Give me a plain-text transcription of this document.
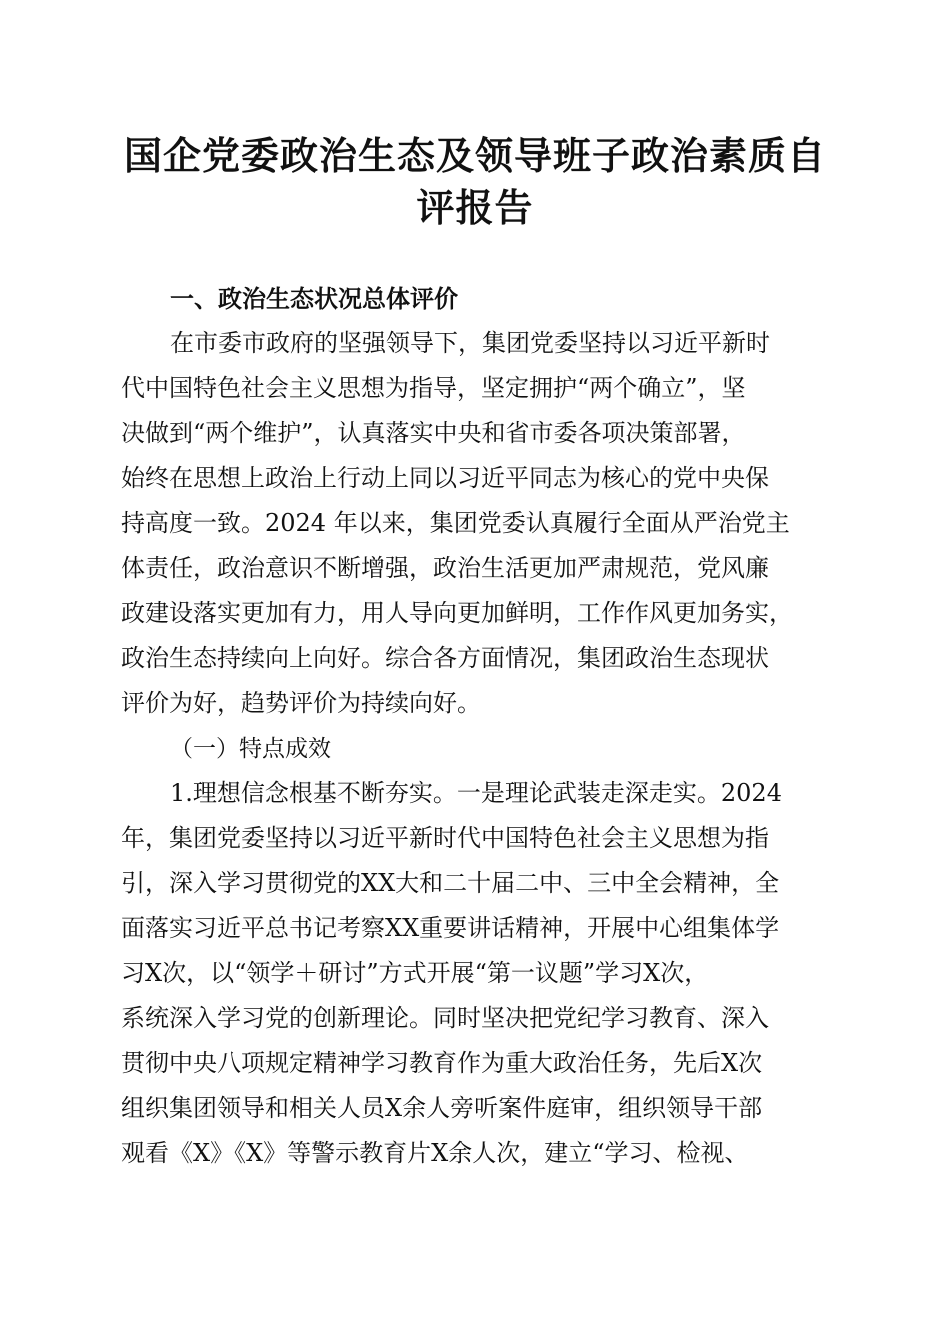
国企党委政治生态及领导班子政治素质自评报告

一、政治生态状况总体评价

在市委市政府的坚强领导下，集团党委坚持以习近平新时

代中国特色社会主义思想为指导，坚定拥护“两个确立”，坚

决做到“两个维护”，认真落实中央和省市委各项决策部署，

始终在思想上政治上行动上同以习近平同志为核心的党中央保

持高度一致。2024 年以来，集团党委认真履行全面从严治党主

体责任，政治意识不断增强，政治生活更加严肃规范，党风廉

政建设落实更加有力，用人导向更加鲜明，工作作风更加务实，

政治生态持续向上向好。综合各方面情况，集团政治生态现状

评价为好，趋势评价为持续向好。

（一）特点成效

1.理想信念根基不断夯实。一是理论武装走深走实。2024

年，集团党委坚持以习近平新时代中国特色社会主义思想为指

引，深入学习贯彻党的XX大和二十届二中、三中全会精神，全

面落实习近平总书记考察XX重要讲话精神，开展中心组集体学

习X次，以“领学＋研讨”方式开展“第一议题”学习X次，

系统深入学习党的创新理论。同时坚决把党纪学习教育、深入

贯彻中央八项规定精神学习教育作为重大政治任务，先后X次

组织集团领导和相关人员X余人旁听案件庭审，组织领导干部

观看《X》《X》等警示教育片X余人次，建立“学习、检视、
